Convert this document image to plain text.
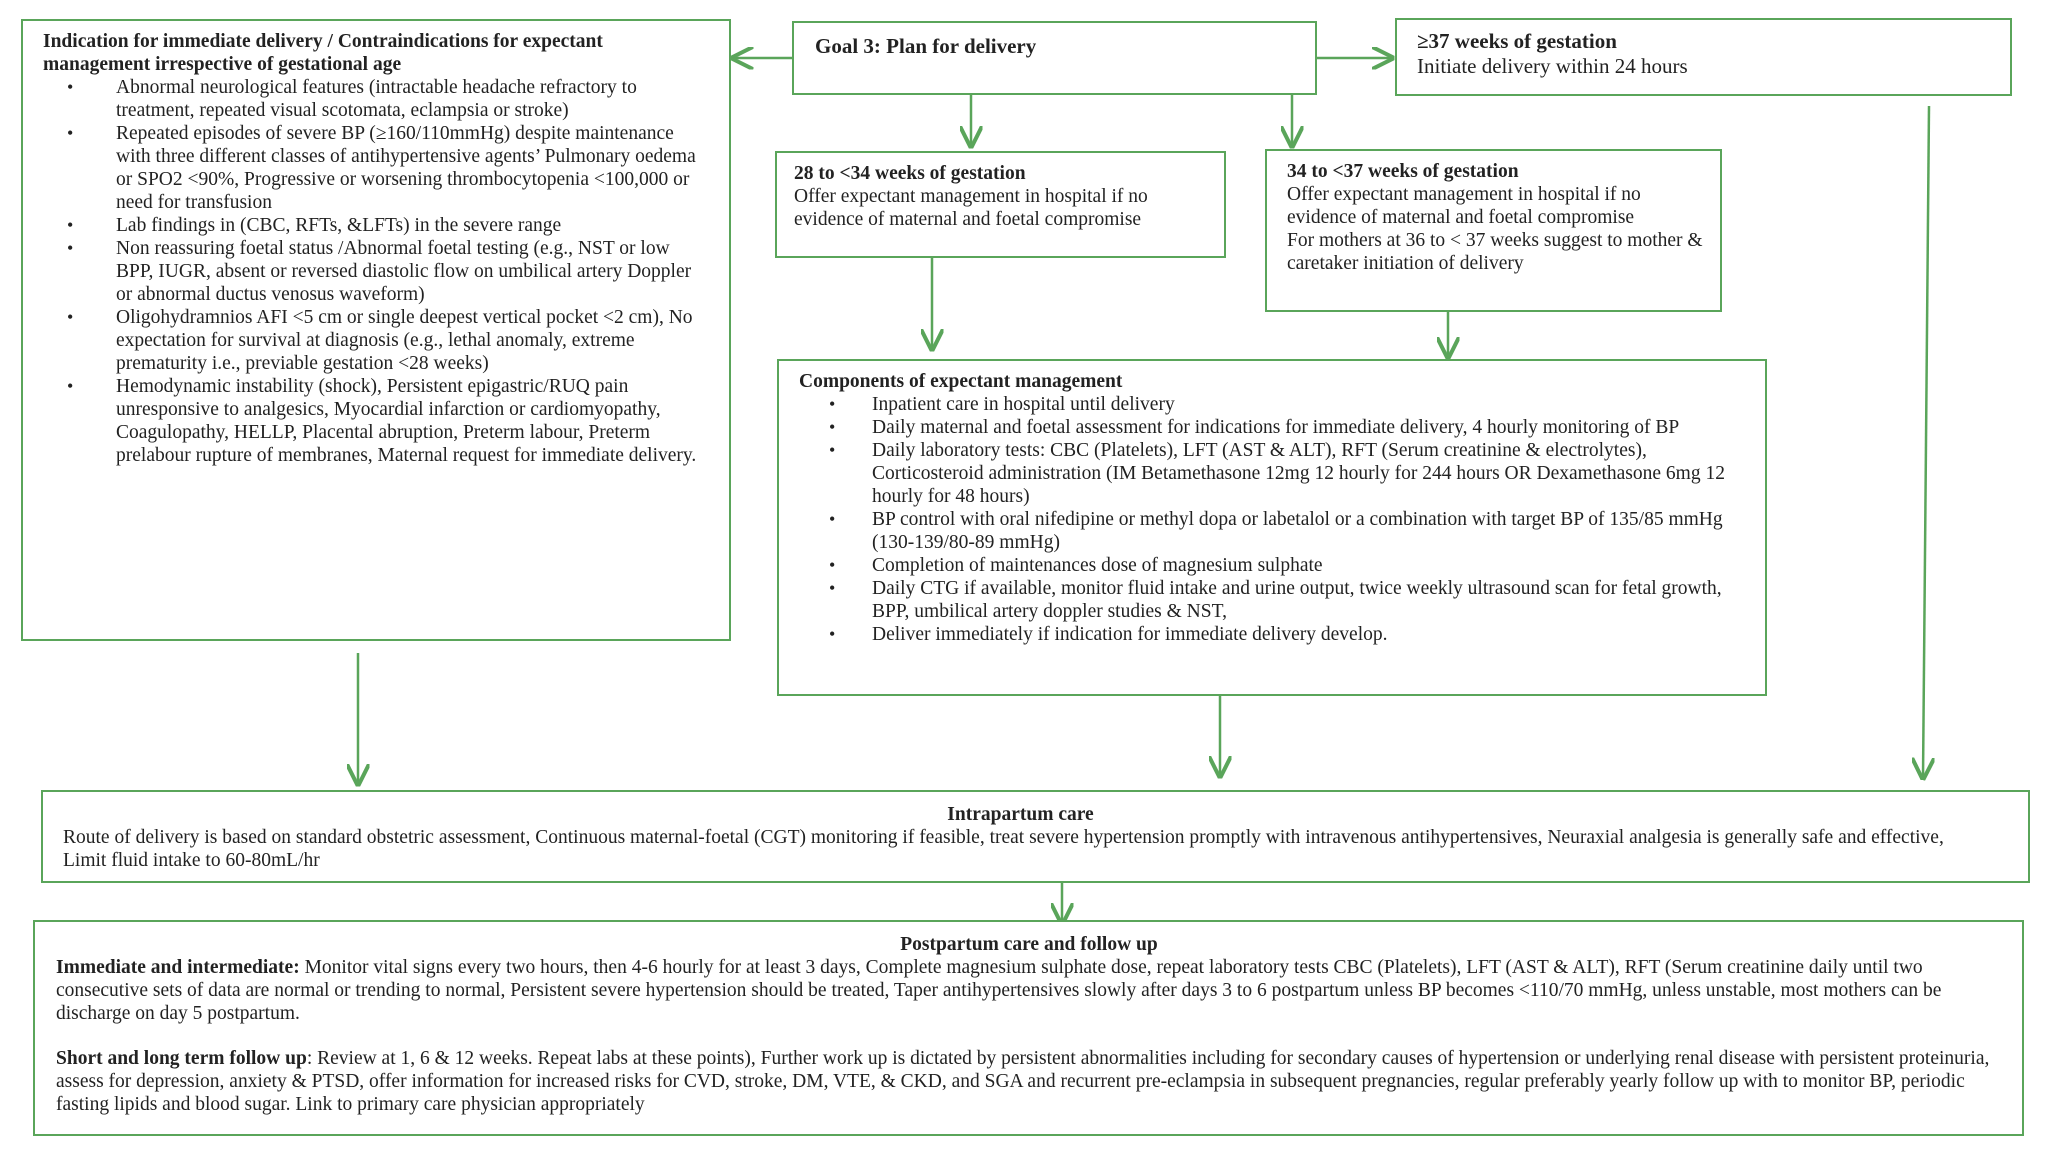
Goal 3: Plan for delivery	≥37 weeks of gestation
Initiate delivery within 24 hours
Indication for immediate delivery / Contraindications for expectant management irrespective of gestational age
• Abnormal neurological features (intractable headache refractory to treatment, repeated visual scotomata, eclampsia or stroke)
• Repeated episodes of severe BP (≥160/110mmHg) despite maintenance with three different classes of antihypertensive agents’ Pulmonary oedema or SPO2 <90%, Progressive or worsening thrombocytopenia <100,000 or need for transfusion
• Lab findings in (CBC, RFTs, &LFTs) in the severe range
• Non reassuring foetal status /Abnormal foetal testing (e.g., NST or low BPP, IUGR, absent or reversed diastolic flow on umbilical artery Doppler or abnormal ductus venosus waveform)
• Oligohydramnios AFI <5 cm or single deepest vertical pocket <2 cm), No expectation for survival at diagnosis (e.g., lethal anomaly, extreme prematurity i.e., previable gestation <28 weeks)
• Hemodynamic instability (shock), Persistent epigastric/RUQ pain unresponsive to analgesics, Myocardial infarction or cardiomyopathy, Coagulopathy, HELLP, Placental abruption, Preterm labour, Preterm prelabour rupture of membranes, Maternal request for immediate delivery.
28 to <34 weeks of gestation
Offer expectant management in hospital if no evidence of maternal and foetal compromise
34 to <37 weeks of gestation
Offer expectant management in hospital if no evidence of maternal and foetal compromise
For mothers at 36 to < 37 weeks suggest to mother & caretaker initiation of delivery
Components of expectant management
• Inpatient care in hospital until delivery
• Daily maternal and foetal assessment for indications for immediate delivery, 4 hourly monitoring of BP
• Daily laboratory tests: CBC (Platelets), LFT (AST & ALT), RFT (Serum creatinine & electrolytes), Corticosteroid administration (IM Betamethasone 12mg 12 hourly for 244 hours OR Dexamethasone 6mg 12 hourly for 48 hours)
• BP control with oral nifedipine or methyl dopa or labetalol or a combination with target BP of 135/85 mmHg (130-139/80-89 mmHg)
• Completion of maintenances dose of magnesium sulphate
• Daily CTG if available, monitor fluid intake and urine output, twice weekly ultrasound scan for fetal growth, BPP, umbilical artery doppler studies & NST,
• Deliver immediately if indication for immediate delivery develop.
Intrapartum care
Route of delivery is based on standard obstetric assessment, Continuous maternal-foetal (CGT) monitoring if feasible, treat severe hypertension promptly with intravenous antihypertensives, Neuraxial analgesia is generally safe and effective, Limit fluid intake to 60-80mL/hr
Postpartum care and follow up

Immediate and intermediate: Monitor vital signs every two hours, then 4-6 hourly for at least 3 days, Complete magnesium sulphate dose, repeat laboratory tests CBC (Platelets), LFT (AST & ALT), RFT (Serum creatinine daily until two consecutive sets of data are normal or trending to normal, Persistent severe hypertension should be treated, Taper antihypertensives slowly after days 3 to 6 postpartum unless BP becomes <110/70 mmHg, unless unstable, most mothers can be discharge on day 5 postpartum.

Short and long term follow up: Review at 1, 6 & 12 weeks. Repeat labs at these points), Further work up is dictated by persistent abnormalities including for secondary causes of hypertension or underlying renal disease with persistent proteinuria, assess for depression, anxiety & PTSD, offer information for increased risks for CVD, stroke, DM, VTE, & CKD, and SGA and recurrent pre-eclampsia in subsequent pregnancies, regular preferably yearly follow up with to monitor BP, periodic fasting lipids and blood sugar. Link to primary care physician appropriately
